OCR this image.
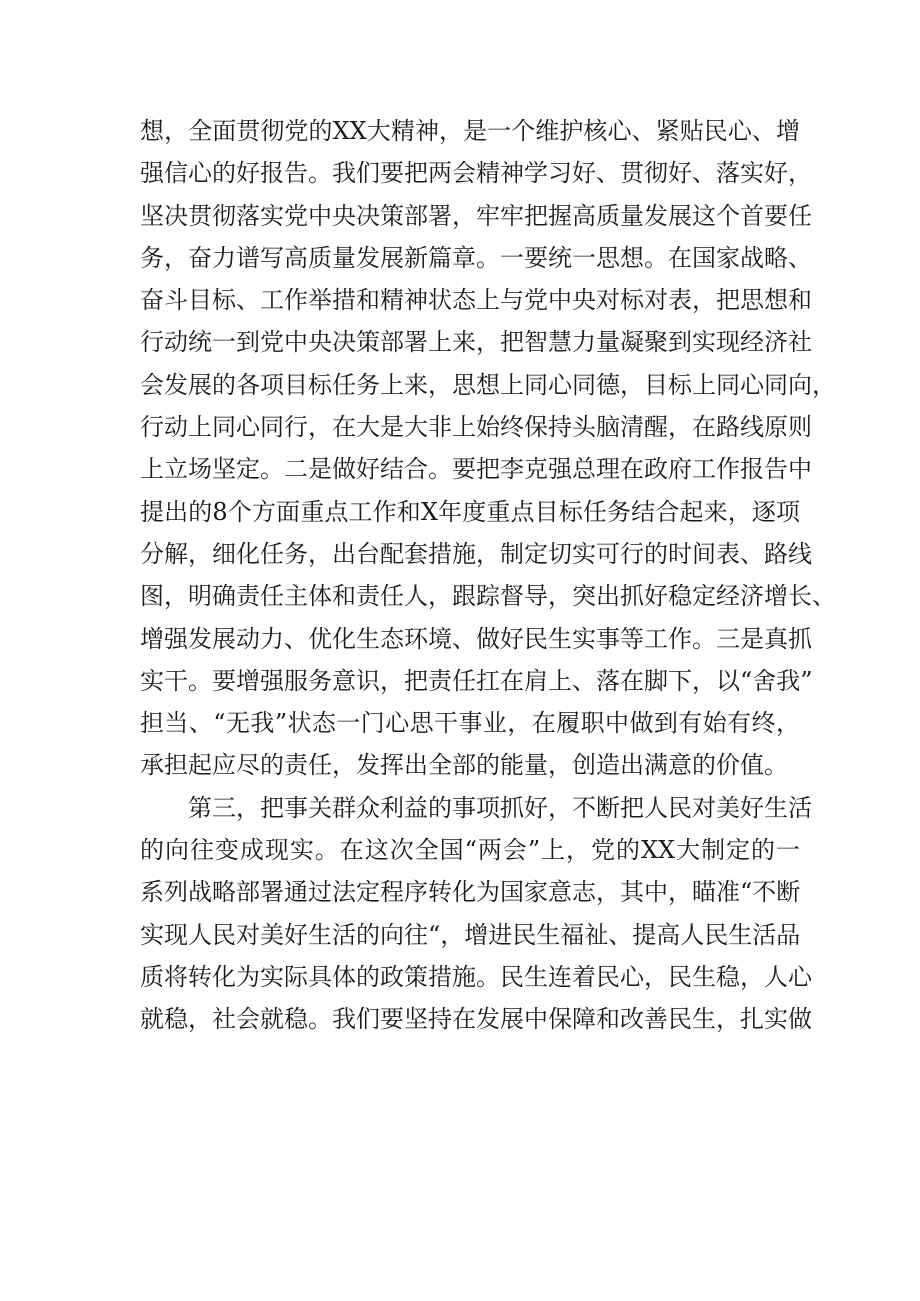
想，全面贯彻党的XX大精神，是一个维护核心、紧贴民心、增
强信心的好报告。我们要把两会精神学习好、贯彻好、落实好，
坚决贯彻落实党中央决策部署，牢牢把握高质量发展这个首要任
务，奋力谱写高质量发展新篇章。一要统一思想。在国家战略、
奋斗目标、工作举措和精神状态上与党中央对标对表，把思想和
行动统一到党中央决策部署上来，把智慧力量凝聚到实现经济社
会发展的各项目标任务上来，思想上同心同德，目标上同心同向，
行动上同心同行，在大是大非上始终保持头脑清醒，在路线原则
上立场坚定。二是做好结合。要把李克强总理在政府工作报告中
提出的8个方面重点工作和X年度重点目标任务结合起来，逐项
分解，细化任务，出台配套措施，制定切实可行的时间表、路线
图，明确责任主体和责任人，跟踪督导，突出抓好稳定经济增长、
增强发展动力、优化生态环境、做好民生实事等工作。三是真抓
实干。要增强服务意识，把责任扛在肩上、落在脚下，以“舍我”
担当、“无我”状态一门心思干事业，在履职中做到有始有终，
承担起应尽的责任，发挥出全部的能量，创造出满意的价值。
第三，把事关群众利益的事项抓好，不断把人民对美好生活
的向往变成现实。在这次全国“两会”上，党的XX大制定的一
系列战略部署通过法定程序转化为国家意志，其中，瞄准“不断
实现人民对美好生活的向往“，增进民生福祉、提高人民生活品
质将转化为实际具体的政策措施。民生连着民心，民生稳，人心
就稳，社会就稳。我们要坚持在发展中保障和改善民生，扎实做
